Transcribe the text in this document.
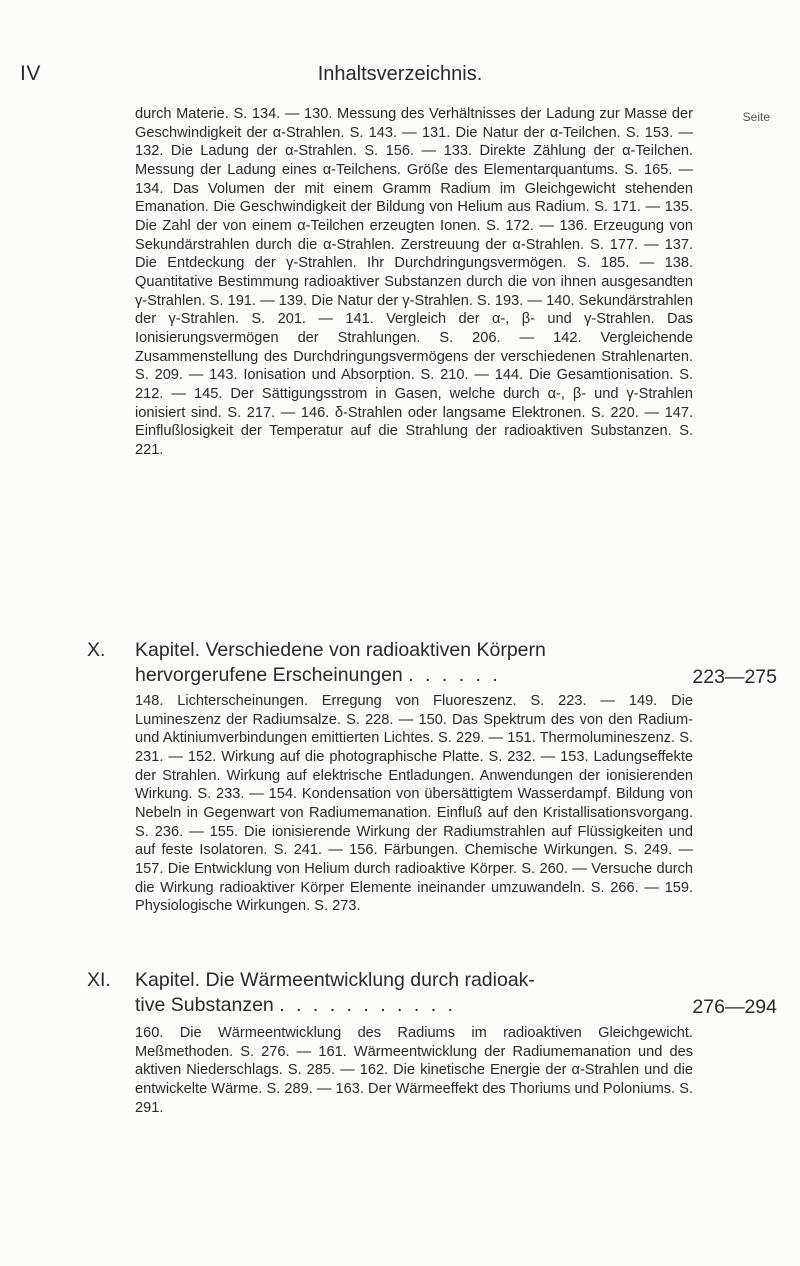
IV	Inhaltsverzeichnis.
Seite

durch Materie. S. 134. — 130. Messung des Verhältnisses der Ladung zur Masse der Geschwindigkeit der α-Strahlen. S. 143. — 131. Die Natur der α-Teilchen. S. 153. — 132. Die Ladung der α-Strahlen. S. 156. — 133. Direkte Zählung der α-Teilchen. Messung der Ladung eines α-Teilchens. Größe des Elementarquantums. S. 165. — 134. Das Volumen der mit einem Gramm Radium im Gleichgewicht stehenden Emanation. Die Geschwindigkeit der Bildung von Helium aus Radium. S. 171. — 135. Die Zahl der von einem α-Teilchen erzeugten Ionen. S. 172. — 136. Erzeugung von Sekundärstrahlen durch die α-Strahlen. Zerstreuung der α-Strahlen. S. 177. — 137. Die Entdeckung der γ-Strahlen. Ihr Durchdringungsvermögen. S. 185. — 138. Quantitative Bestimmung radioaktiver Substanzen durch die von ihnen ausgesandten γ-Strahlen. S. 191. — 139. Die Natur der γ-Strahlen. S. 193. — 140. Sekundärstrahlen der γ-Strahlen. S. 201. — 141. Vergleich der α-, β- und γ-Strahlen. Das Ionisierungsvermögen der Strahlungen. S. 206. — 142. Vergleichende Zusammenstellung des Durchdringungsvermögens der verschiedenen Strahlenarten. S. 209. — 143. Ionisation und Absorption. S. 210. — 144. Die Gesamtionisation. S. 212. — 145. Der Sättigungsstrom in Gasen, welche durch α-, β- und γ-Strahlen ionisiert sind. S. 217. — 146. δ-Strahlen oder langsame Elektronen. S. 220. — 147. Einflußlosigkeit der Temperatur auf die Strahlung der radioaktiven Substanzen. S. 221.

X.	Kapitel. Verschiedene von radioaktiven Körpern
hervorgerufene Erscheinungen . . . . . .	223—275

148. Lichterscheinungen. Erregung von Fluoreszenz. S. 223. — 149. Die Lumineszenz der Radiumsalze. S. 228. — 150. Das Spektrum des von den Radium- und Aktiniumverbindungen emittierten Lichtes. S. 229. — 151. Thermolumineszenz. S. 231. — 152. Wirkung auf die photographische Platte. S. 232. — 153. Ladungseffekte der Strahlen. Wirkung auf elektrische Entladungen. Anwendungen der ionisierenden Wirkung. S. 233. — 154. Kondensation von übersättigtem Wasserdampf. Bildung von Nebeln in Gegenwart von Radiumemanation. Einfluß auf den Kristallisationsvorgang. S. 236. — 155. Die ionisierende Wirkung der Radiumstrahlen auf Flüssigkeiten und auf feste Isolatoren. S. 241. — 156. Färbungen. Chemische Wirkungen. S. 249. — 157. Die Entwicklung von Helium durch radioaktive Körper. S. 260. — Versuche durch die Wirkung radioaktiver Körper Elemente ineinander umzuwandeln. S. 266. — 159. Physiologische Wirkungen. S. 273.

XI.	Kapitel. Die Wärmeentwicklung durch radioak-
tive Substanzen . . . . . . . . . . .	276—294

160. Die Wärmeentwicklung des Radiums im radioaktiven Gleichgewicht. Meßmethoden. S. 276. — 161. Wärmeentwicklung der Radiumemanation und des aktiven Niederschlags. S. 285. — 162. Die kinetische Energie der α-Strahlen und die entwickelte Wärme. S. 289. — 163. Der Wärmeeffekt des Thoriums und Poloniums. S. 291.
